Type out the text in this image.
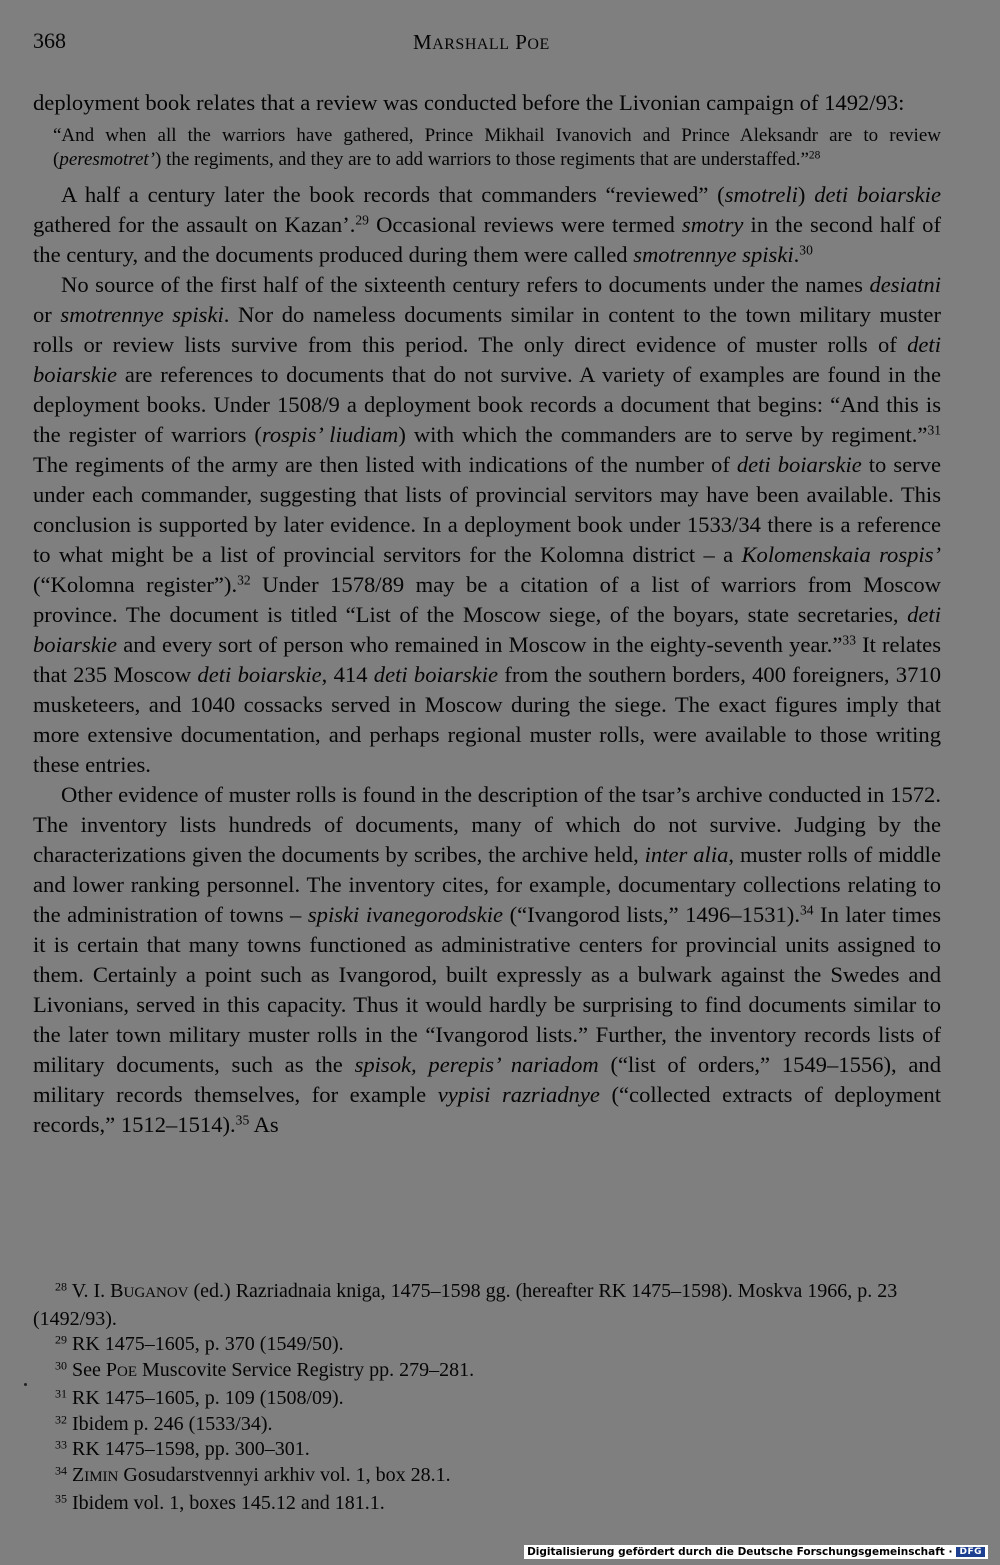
368	MARSHALL POE

deployment book relates that a review was conducted before the Livonian campaign of 1492/93:

“And when all the warriors have gathered, Prince Mikhail Ivanovich and Prince Aleksandr are to review (peresmotret’) the regiments, and they are to add warriors to those regiments that are understaffed.”$^{28}$

A half a century later the book records that commanders “reviewed” (smotreli) deti boiarskie gathered for the assault on Kazan’.$^{29}$ Occasional reviews were termed smotry in the second half of the century, and the documents produced during them were called smotrennye spiski.$^{30}$

No source of the first half of the sixteenth century refers to documents under the names desiatni or smotrennye spiski. Nor do nameless documents similar in content to the town military muster rolls or review lists survive from this period. The only direct evidence of muster rolls of deti boiarskie are references to documents that do not survive. A variety of examples are found in the deployment books. Under 1508/9 a deployment book records a document that begins: “And this is the register of warriors (rospis’ liudiam) with which the commanders are to serve by regiment.”$^{31}$ The regiments of the army are then listed with indications of the number of deti boiarskie to serve under each commander, suggesting that lists of provincial servitors may have been available. This conclusion is supported by later evidence. In a deployment book under 1533/34 there is a reference to what might be a list of provincial servitors for the Kolomna district – a Kolomenskaia rospis’ (“Kolomna register”).$^{32}$ Under 1578/89 may be a citation of a list of warriors from Moscow province. The document is titled “List of the Moscow siege, of the boyars, state secretaries, deti boiarskie and every sort of person who remained in Moscow in the eighty-seventh year.”$^{33}$ It relates that 235 Moscow deti boiarskie, 414 deti boiarskie from the southern borders, 400 foreigners, 3710 musketeers, and 1040 cossacks served in Moscow during the siege. The exact figures imply that more extensive documentation, and perhaps regional muster rolls, were available to those writing these entries.

Other evidence of muster rolls is found in the description of the tsar’s archive conducted in 1572. The inventory lists hundreds of documents, many of which do not survive. Judging by the characterizations given the documents by scribes, the archive held, inter alia, muster rolls of middle and lower ranking personnel. The inventory cites, for example, documentary collections relating to the administration of towns – spiski ivanegorodskie (“Ivangorod lists,” 1496–1531).$^{34}$ In later times it is certain that many towns functioned as administrative centers for provincial units assigned to them. Certainly a point such as Ivangorod, built expressly as a bulwark against the Swedes and Livonians, served in this capacity. Thus it would hardly be surprising to find documents similar to the later town military muster rolls in the “Ivangorod lists.” Further, the inventory records lists of military documents, such as the spisok, perepis’ nariadom (“list of orders,” 1549–1556), and military records themselves, for example vypisi razriadnye (“collected extracts of deployment records,” 1512–1514).$^{35}$ As

$^{28}$ V. I. BUGANOV (ed.) Razriadnaia kniga, 1475–1598 gg. (hereafter RK 1475–1598). Moskva 1966, p. 23 (1492/93).

$^{29}$ RK 1475–1605, p. 370 (1549/50).

$^{30}$ See POE Muscovite Service Registry pp. 279–281.

$^{31}$ RK 1475–1605, p. 109 (1508/09).

$^{32}$ Ibidem p. 246 (1533/34).

$^{33}$ RK 1475–1598, pp. 300–301.

$^{34}$ ZIMIN Gosudarstvennyi arkhiv vol. 1, box 28.1.

$^{35}$ Ibidem vol. 1, boxes 145.12 and 181.1.

Digitalisierung gefördert durch die Deutsche Forschungsgemeinschaft · DFG
